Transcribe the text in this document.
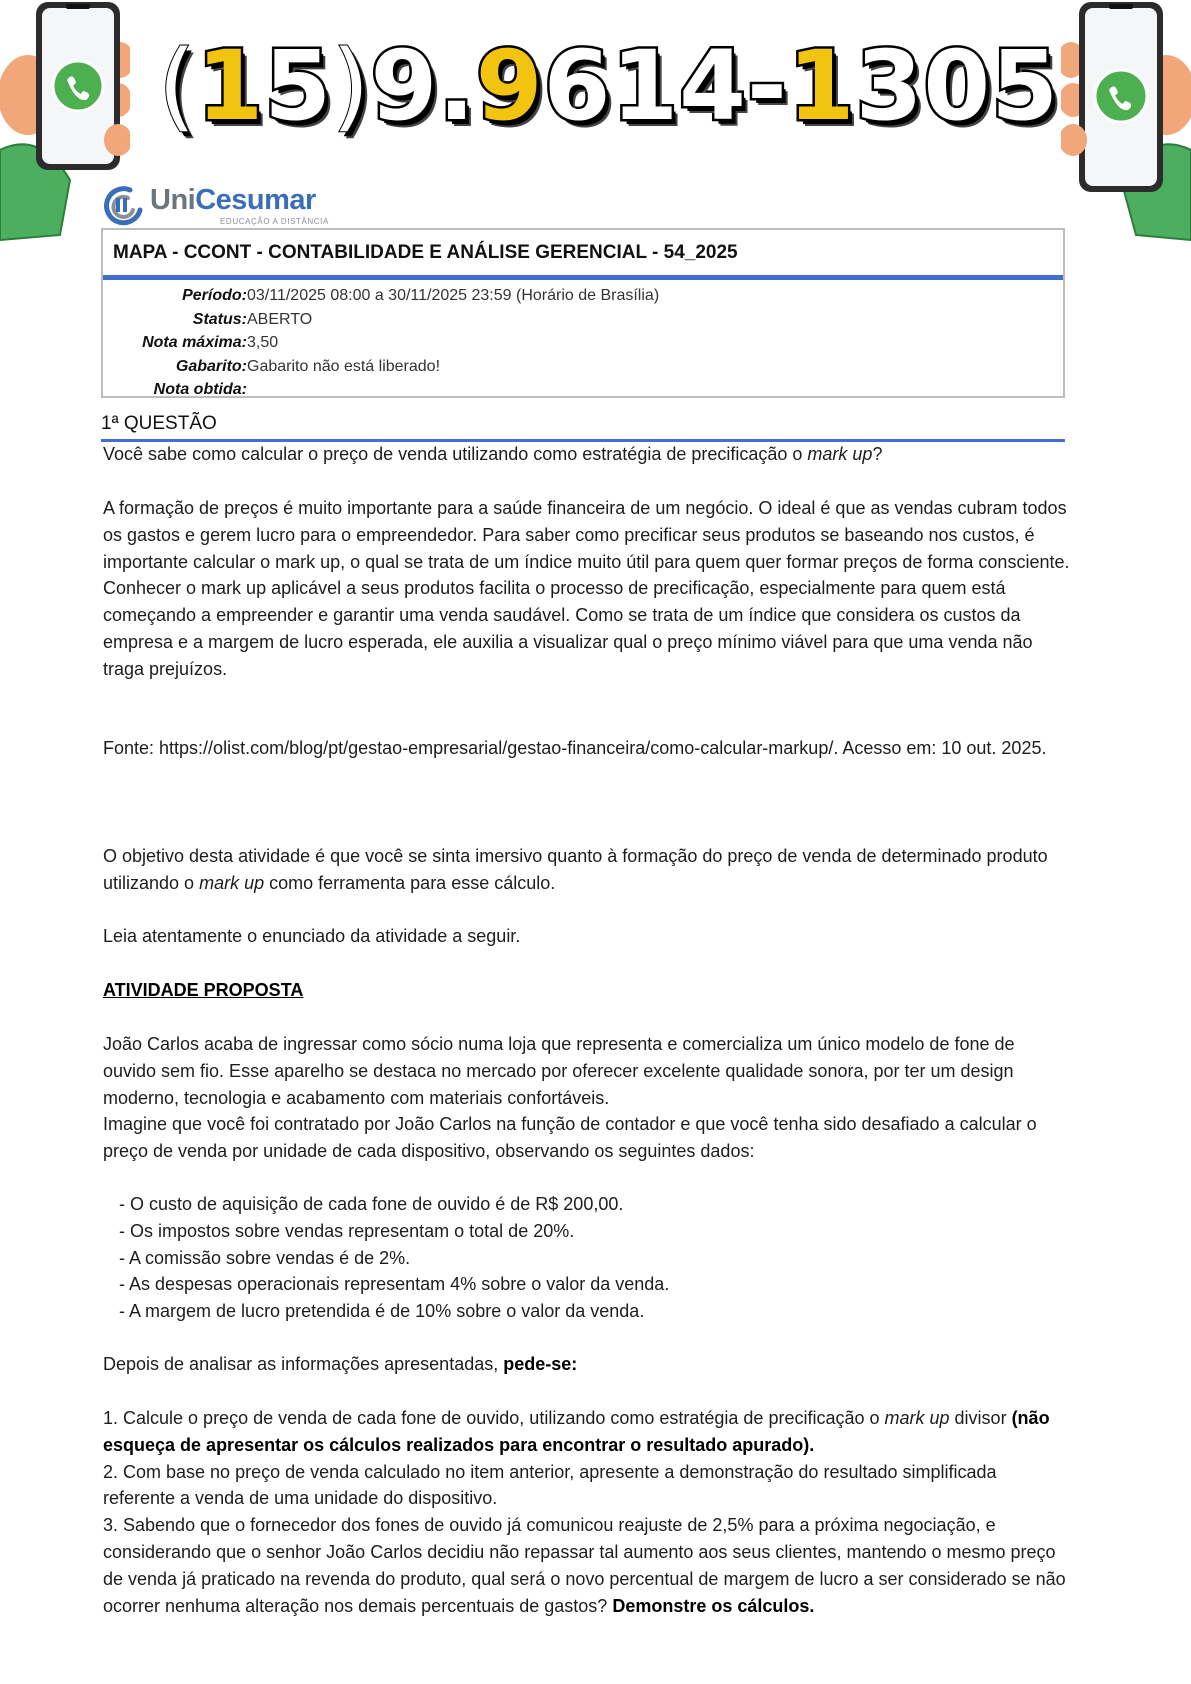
(15)9.9614-1305
UniCesumar
EDUCAÇÃO A DISTÂNCIA
MAPA - CCONT - CONTABILIDADE E ANÁLISE GERENCIAL - 54_2025
Período: 03/11/2025 08:00 a 30/11/2025 23:59 (Horário de Brasília)
Status: ABERTO
Nota máxima: 3,50
Gabarito: Gabarito não está liberado!
Nota obtida:
1ª QUESTÃO
Você sabe como calcular o preço de venda utilizando como estratégia de precificação o mark up?
A formação de preços é muito importante para a saúde financeira de um negócio. O ideal é que as vendas cubram todos os gastos e gerem lucro para o empreendedor. Para saber como precificar seus produtos se baseando nos custos, é importante calcular o mark up, o qual se trata de um índice muito útil para quem quer formar preços de forma consciente. Conhecer o mark up aplicável a seus produtos facilita o processo de precificação, especialmente para quem está começando a empreender e garantir uma venda saudável. Como se trata de um índice que considera os custos da empresa e a margem de lucro esperada, ele auxilia a visualizar qual o preço mínimo viável para que uma venda não traga prejuízos.
Fonte: https://olist.com/blog/pt/gestao-empresarial/gestao-financeira/como-calcular-markup/. Acesso em: 10 out. 2025.
O objetivo desta atividade é que você se sinta imersivo quanto à formação do preço de venda de determinado produto utilizando o mark up como ferramenta para esse cálculo.
Leia atentamente o enunciado da atividade a seguir.
ATIVIDADE PROPOSTA
João Carlos acaba de ingressar como sócio numa loja que representa e comercializa um único modelo de fone de ouvido sem fio. Esse aparelho se destaca no mercado por oferecer excelente qualidade sonora, por ter um design moderno, tecnologia e acabamento com materiais confortáveis.
Imagine que você foi contratado por João Carlos na função de contador e que você tenha sido desafiado a calcular o preço de venda por unidade de cada dispositivo, observando os seguintes dados:
- O custo de aquisição de cada fone de ouvido é de R$ 200,00.
- Os impostos sobre vendas representam o total de 20%.
- A comissão sobre vendas é de 2%.
- As despesas operacionais representam 4% sobre o valor da venda.
- A margem de lucro pretendida é de 10% sobre o valor da venda.
Depois de analisar as informações apresentadas, pede-se:
1. Calcule o preço de venda de cada fone de ouvido, utilizando como estratégia de precificação o mark up divisor (não esqueça de apresentar os cálculos realizados para encontrar o resultado apurado).
2. Com base no preço de venda calculado no item anterior, apresente a demonstração do resultado simplificada referente a venda de uma unidade do dispositivo.
3. Sabendo que o fornecedor dos fones de ouvido já comunicou reajuste de 2,5% para a próxima negociação, e considerando que o senhor João Carlos decidiu não repassar tal aumento aos seus clientes, mantendo o mesmo preço de venda já praticado na revenda do produto, qual será o novo percentual de margem de lucro a ser considerado se não ocorrer nenhuma alteração nos demais percentuais de gastos? Demonstre os cálculos.
